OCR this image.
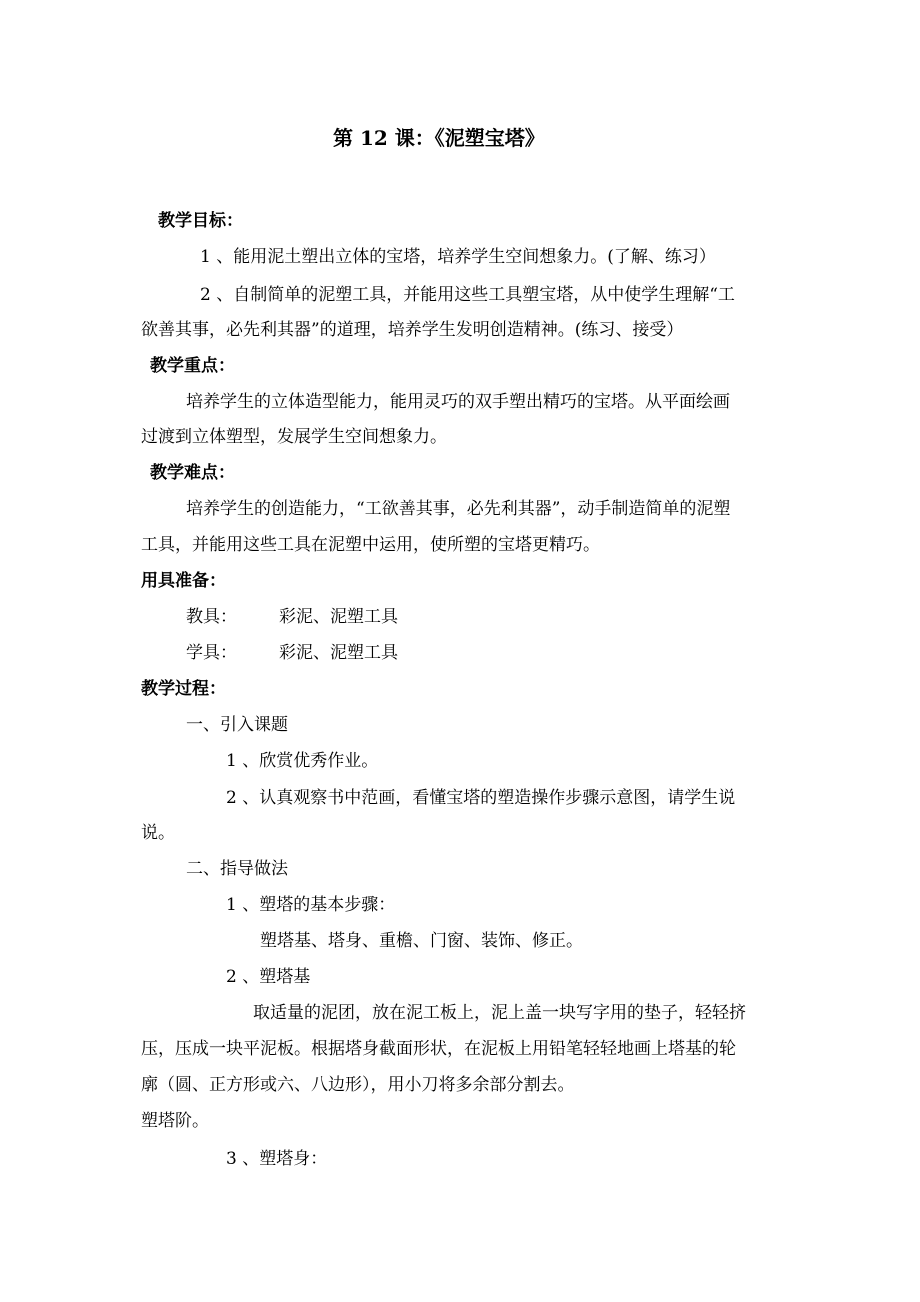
第 12 课：《泥塑宝塔》
教学目标：
1 、能用泥土塑出立体的宝塔，培养学生空间想象力。(了解、练习）
2 、自制简单的泥塑工具，并能用这些工具塑宝塔，从中使学生理解“工
欲善其事，必先利其器”的道理，培养学生发明创造精神。(练习、接受）
教学重点：
培养学生的立体造型能力，能用灵巧的双手塑出精巧的宝塔。从平面绘画
过渡到立体塑型，发展学生空间想象力。
教学难点：
培养学生的创造能力，“工欲善其事，必先利其器”，动手制造简单的泥塑
工具，并能用这些工具在泥塑中运用，使所塑的宝塔更精巧。
用具准备：
教具： 彩泥、泥塑工具
学具： 彩泥、泥塑工具
教学过程：
一、引入课题
1 、欣赏优秀作业。
2 、认真观察书中范画，看懂宝塔的塑造操作步骤示意图，请学生说
说。
二、指导做法
1 、塑塔的基本步骤：
塑塔基、塔身、重檐、门窗、装饰、修正。
2 、塑塔基
取适量的泥团，放在泥工板上，泥上盖一块写字用的垫子，轻轻挤
压，压成一块平泥板。根据塔身截面形状，在泥板上用铅笔轻轻地画上塔基的轮
廓（圆、正方形或六、八边形），用小刀将多余部分割去。
塑塔阶。
3 、塑塔身：
